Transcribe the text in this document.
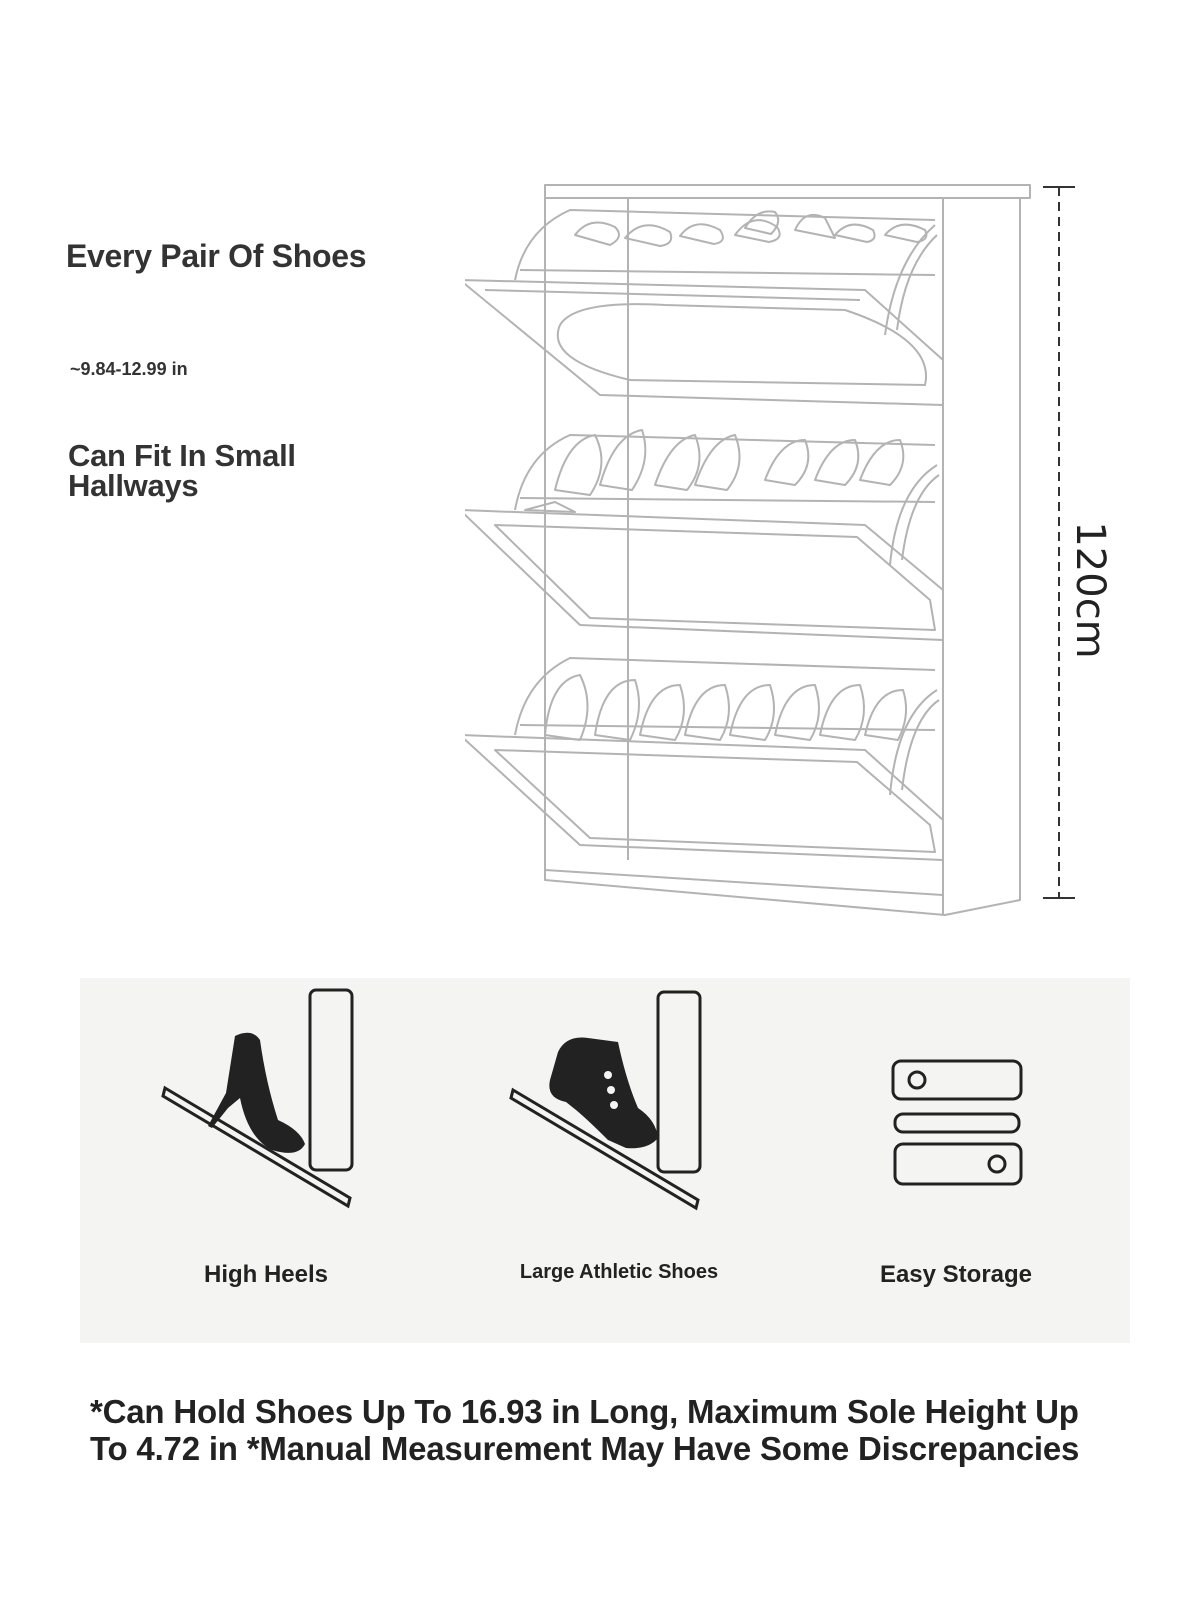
Every Pair Of Shoes

~9.84-12.99 in

Can Fit In Small Hallways

120cm

High Heels	Large Athletic Shoes	Easy Storage

*Can Hold Shoes Up To 16.93 in Long, Maximum Sole Height Up To 4.72 in *Manual Measurement May Have Some Discrepancies
